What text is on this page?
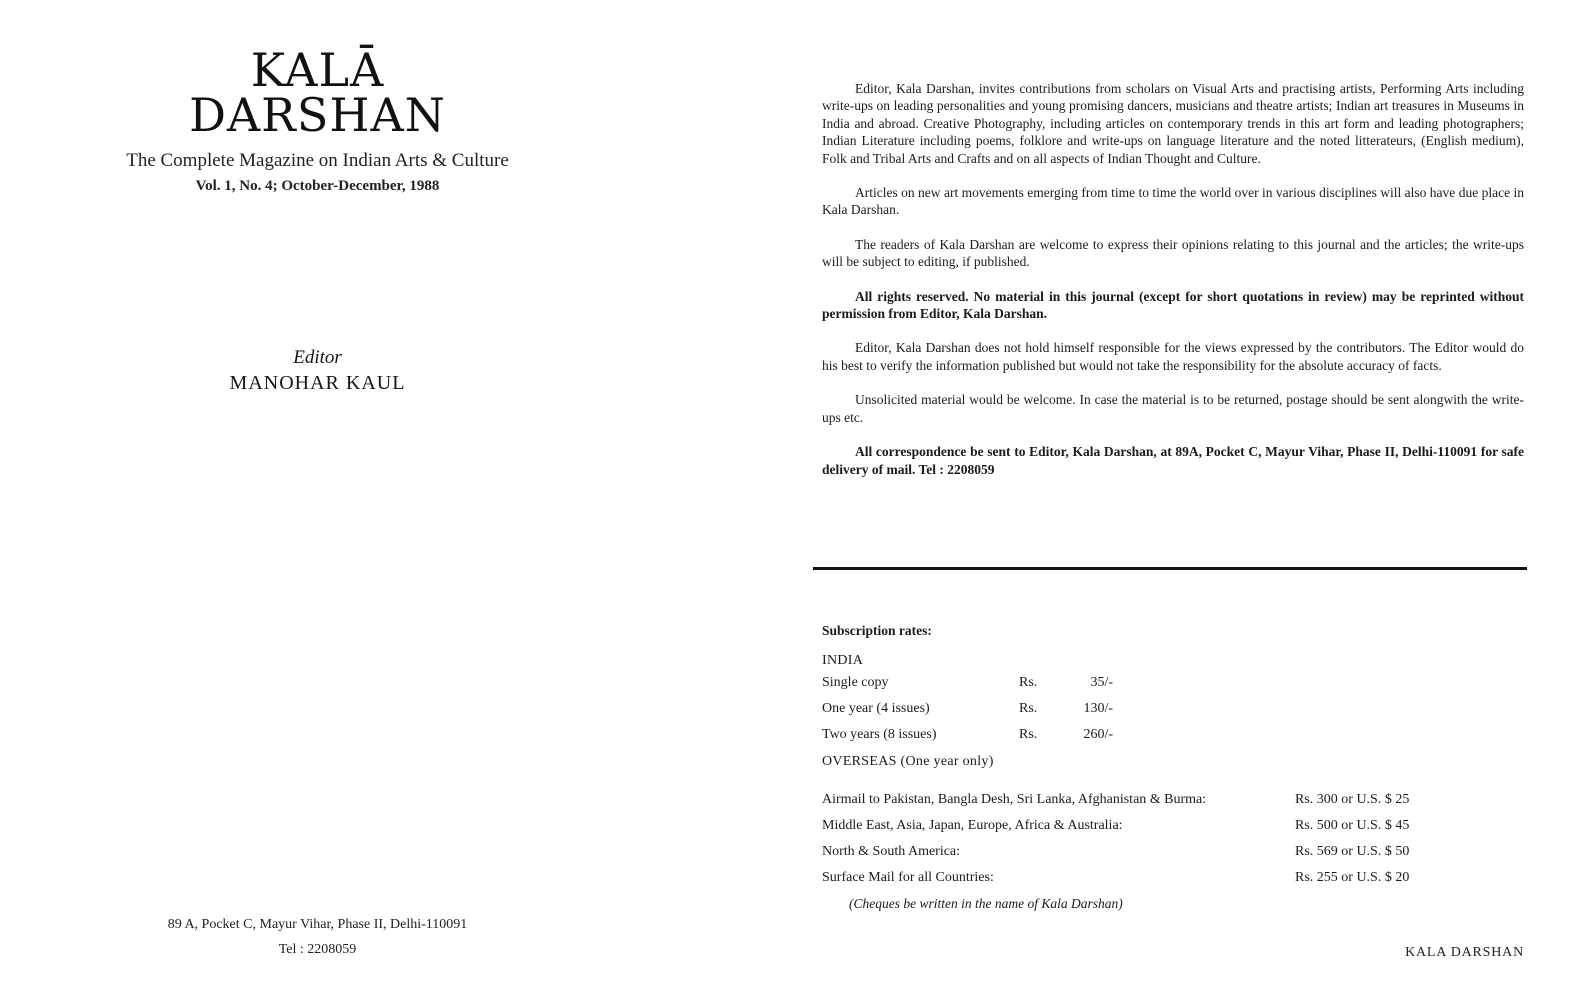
KALĀ
DARSHAN
The Complete Magazine on Indian Arts & Culture
Vol. 1, No. 4; October-December, 1988
Editor
MANOHAR KAUL
89 A, Pocket C, Mayur Vihar, Phase II, Delhi-110091
Tel : 2208059

Editor, Kala Darshan, invites contributions from scholars on Visual Arts and practising artists, Performing Arts including write-ups on leading personalities and young promising dancers, musicians and theatre artists; Indian art treasures in Museums in India and abroad. Creative Photography, including articles on contemporary trends in this art form and leading photographers; Indian Literature including poems, folklore and write-ups on language literature and the noted litterateurs, (English medium), Folk and Tribal Arts and Crafts and on all aspects of Indian Thought and Culture.

Articles on new art movements emerging from time to time the world over in various disciplines will also have due place in Kala Darshan.

The readers of Kala Darshan are welcome to express their opinions relating to this journal and the articles; the write-ups will be subject to editing, if published.

All rights reserved. No material in this journal (except for short quotations in review) may be reprinted without permission from Editor, Kala Darshan.

Editor, Kala Darshan does not hold himself responsible for the views expressed by the contributors. The Editor would do his best to verify the information published but would not take the responsibility for the absolute accuracy of facts.

Unsolicited material would be welcome. In case the material is to be returned, postage should be sent alongwith the write-ups etc.

All correspondence be sent to Editor, Kala Darshan, at 89A, Pocket C, Mayur Vihar, Phase II, Delhi-110091 for safe delivery of mail. Tel : 2208059

Subscription rates:
INDIA
Single copy	Rs.	35/-
One year (4 issues)	Rs.	130/-
Two years (8 issues)	Rs.	260/-
OVERSEAS (One year only)
Airmail to Pakistan, Bangla Desh, Sri Lanka, Afghanistan & Burma:	Rs. 300 or U.S. $ 25
Middle East, Asia, Japan, Europe, Africa & Australia:	Rs. 500 or U.S. $ 45
North & South America:	Rs. 569 or U.S. $ 50
Surface Mail for all Countries:	Rs. 255 or U.S. $ 20
(Cheques be written in the name of Kala Darshan)
KALA DARSHAN
